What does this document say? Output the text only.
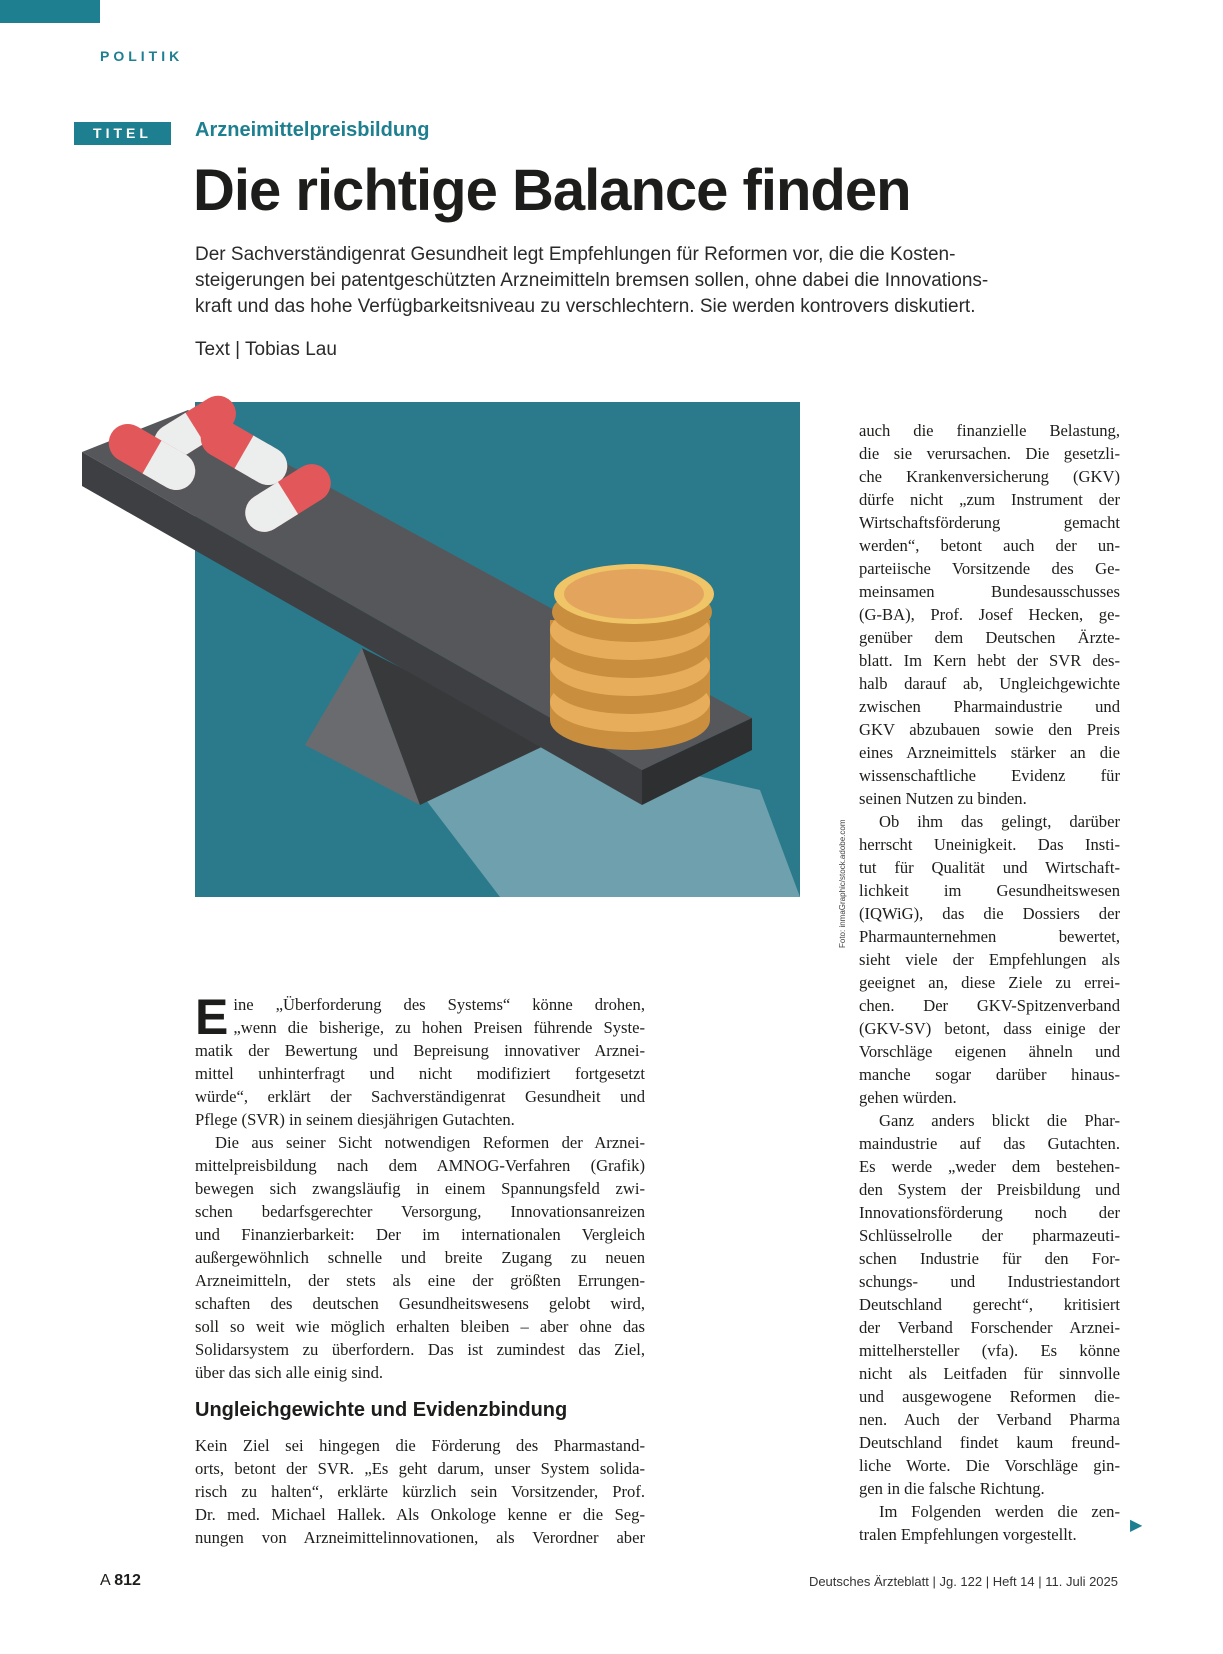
POLITIK
TITEL	Arzneimittelpreisbildung
Die richtige Balance finden
Der Sachverständigenrat Gesundheit legt Empfehlungen für Reformen vor, die die Kosten-
steigerungen bei patentgeschützten Arzneimitteln bremsen sollen, ohne dabei die Innovations-
kraft und das hohe Verfügbarkeitsniveau zu verschlechtern. Sie werden kontrovers diskutiert.
Text | Tobias Lau
Foto: inmaGraphic/stock.adobe.com
E ine „Überforderung des Systems“ könne drohen,
„wenn die bisherige, zu hohen Preisen führende Syste-
matik der Bewertung und Bepreisung innovativer Arznei-
mittel unhinterfragt und nicht modifiziert fortgesetzt
würde“, erklärt der Sachverständigenrat Gesundheit und
Pflege (SVR) in seinem diesjährigen Gutachten.
Die aus seiner Sicht notwendigen Reformen der Arznei-
mittelpreisbildung nach dem AMNOG-Verfahren (Grafik)
bewegen sich zwangsläufig in einem Spannungsfeld zwi-
schen bedarfsgerechter Versorgung, Innovationsanreizen
und Finanzierbarkeit: Der im internationalen Vergleich
außergewöhnlich schnelle und breite Zugang zu neuen
Arzneimitteln, der stets als eine der größten Errungen-
schaften des deutschen Gesundheitswesens gelobt wird,
soll so weit wie möglich erhalten bleiben – aber ohne das
Solidarsystem zu überfordern. Das ist zumindest das Ziel,
über das sich alle einig sind.
Ungleichgewichte und Evidenzbindung
Kein Ziel sei hingegen die Förderung des Pharmastand-
orts, betont der SVR. „Es geht darum, unser System solida-
risch zu halten“, erklärte kürzlich sein Vorsitzender, Prof.
Dr. med. Michael Hallek. Als Onkologe kenne er die Seg-
nungen von Arzneimittelinnovationen, als Verordner aber
auch die finanzielle Belastung,
die sie verursachen. Die gesetzli-
che Krankenversicherung (GKV)
dürfe nicht „zum Instrument der
Wirtschaftsförderung gemacht
werden“, betont auch der un-
parteiische Vorsitzende des Ge-
meinsamen Bundesausschusses
(G-BA), Prof. Josef Hecken, ge-
genüber dem Deutschen Ärzte-
blatt. Im Kern hebt der SVR des-
halb darauf ab, Ungleichgewichte
zwischen Pharmaindustrie und
GKV abzubauen sowie den Preis
eines Arzneimittels stärker an die
wissenschaftliche Evidenz für
seinen Nutzen zu binden.
Ob ihm das gelingt, darüber
herrscht Uneinigkeit. Das Insti-
tut für Qualität und Wirtschaft-
lichkeit im Gesundheitswesen
(IQWiG), das die Dossiers der
Pharmaunternehmen bewertet,
sieht viele der Empfehlungen als
geeignet an, diese Ziele zu errei-
chen. Der GKV-Spitzenverband
(GKV-SV) betont, dass einige der
Vorschläge eigenen ähneln und
manche sogar darüber hinaus-
gehen würden.
Ganz anders blickt die Phar-
maindustrie auf das Gutachten.
Es werde „weder dem bestehen-
den System der Preisbildung und
Innovationsförderung noch der
Schlüsselrolle der pharmazeuti-
schen Industrie für den For-
schungs- und Industriestandort
Deutschland gerecht“, kritisiert
der Verband Forschender Arznei-
mittelhersteller (vfa). Es könne
nicht als Leitfaden für sinnvolle
und ausgewogene Reformen die-
nen. Auch der Verband Pharma
Deutschland findet kaum freund-
liche Worte. Die Vorschläge gin-
gen in die falsche Richtung.
Im Folgenden werden die zen-
tralen Empfehlungen vorgestellt.
▶
A 812	Deutsches Ärzteblatt | Jg. 122 | Heft 14 | 11. Juli 2025
